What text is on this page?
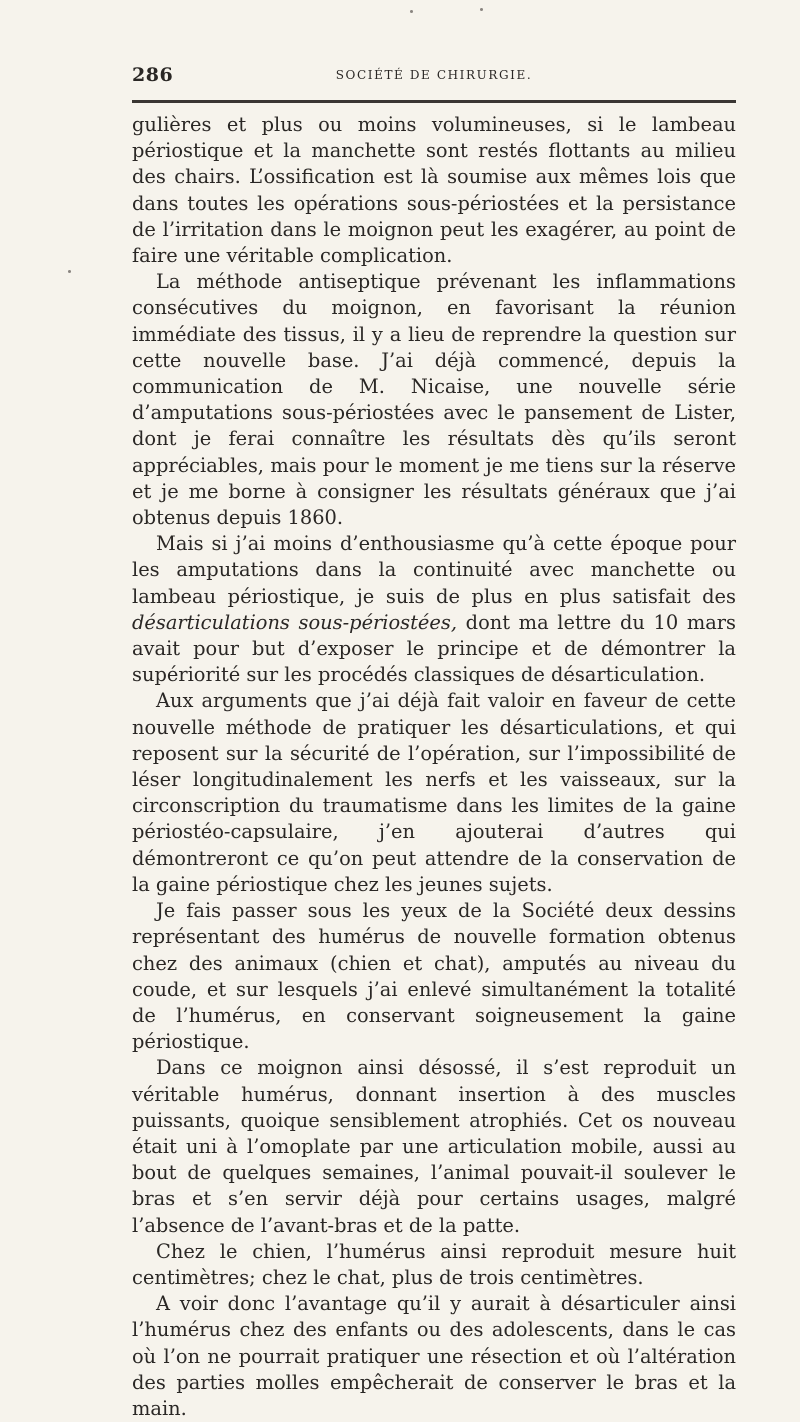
286	SOCIÉTÉ DE CHIRURGIE.

gulières et plus ou moins volumineuses, si le lambeau périostique et la manchette sont restés flottants au milieu des chairs. L’ossification est là soumise aux mêmes lois que dans toutes les opérations sous-périostées et la persistance de l’irritation dans le moignon peut les exagérer, au point de faire une véritable complication.

La méthode antiseptique prévenant les inflammations consécutives du moignon, en favorisant la réunion immédiate des tissus, il y a lieu de reprendre la question sur cette nouvelle base. J’ai déjà commencé, depuis la communication de M. Nicaise, une nouvelle série d’amputations sous-périostées avec le pansement de Lister, dont je ferai connaître les résultats dès qu’ils seront appréciables, mais pour le moment je me tiens sur la réserve et je me borne à consigner les résultats généraux que j’ai obtenus depuis 1860.

Mais si j’ai moins d’enthousiasme qu’à cette époque pour les amputations dans la continuité avec manchette ou lambeau périostique, je suis de plus en plus satisfait des désarticulations sous-périostées, dont ma lettre du 10 mars avait pour but d’exposer le principe et de démontrer la supériorité sur les procédés classiques de désarticulation.

Aux arguments que j’ai déjà fait valoir en faveur de cette nouvelle méthode de pratiquer les désarticulations, et qui reposent sur la sécurité de l’opération, sur l’impossibilité de léser longitudinalement les nerfs et les vaisseaux, sur la circonscription du traumatisme dans les limites de la gaine périostéo-capsulaire, j’en ajouterai d’autres qui démontreront ce qu’on peut attendre de la conservation de la gaine périostique chez les jeunes sujets.

Je fais passer sous les yeux de la Société deux dessins représentant des humérus de nouvelle formation obtenus chez des animaux (chien et chat), amputés au niveau du coude, et sur lesquels j’ai enlevé simultanément la totalité de l’humérus, en conservant soigneusement la gaine périostique.

Dans ce moignon ainsi désossé, il s’est reproduit un véritable humérus, donnant insertion à des muscles puissants, quoique sensiblement atrophiés. Cet os nouveau était uni à l’omoplate par une articulation mobile, aussi au bout de quelques semaines, l’animal pouvait-il soulever le bras et s’en servir déjà pour certains usages, malgré l’absence de l’avant-bras et de la patte.

Chez le chien, l’humérus ainsi reproduit mesure huit centimètres; chez le chat, plus de trois centimètres.

A voir donc l’avantage qu’il y aurait à désarticuler ainsi l’humérus chez des enfants ou des adolescents, dans le cas où l’on ne pourrait pratiquer une résection et où l’altération des parties molles empêcherait de conserver le bras et la main.
